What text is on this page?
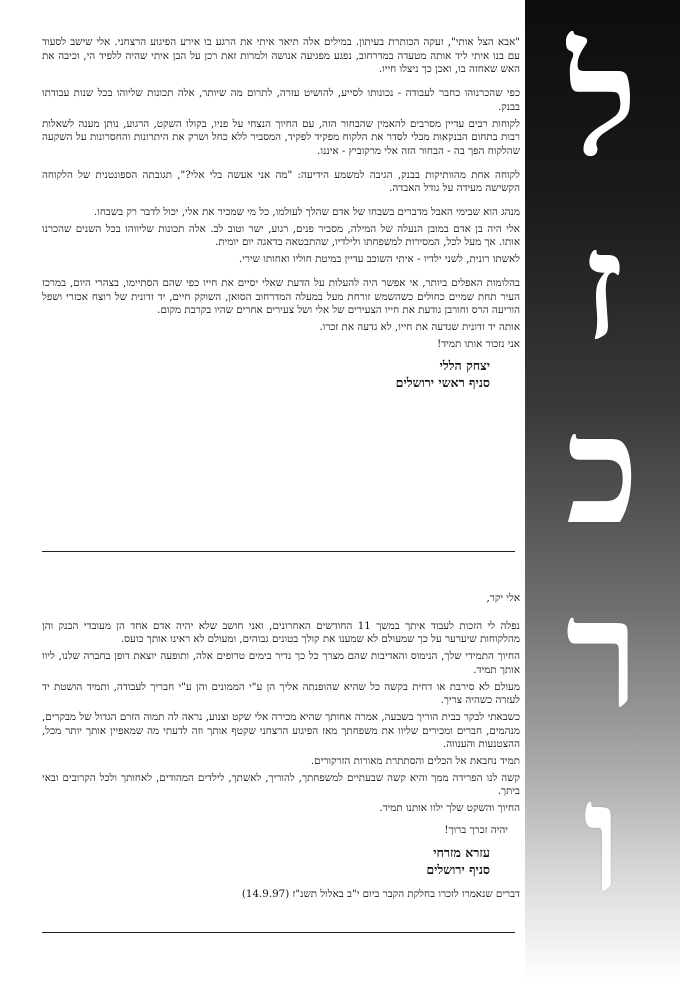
ל
ז
כ
ר
ו

"אבא הצל אותי", זעקה הכותרת בעיתון. במילים אלה תיאר איתי את הרגע בו אירע הפיגוע הרצחני. אלי שישב לסעוד עם בנו איתי ליד אותה מטעדה במדרחוב, נפגע מפגיעה אנושה ולמרות זאת רכן על הבן איתי שהיה ללפיד הי, וכיבה את האש שאחזה בו, ואכן כך ניצלו חייו.

כפי שהכרנוהו כחבר לעבודה - נכונותו לסייע, להושיט עזרה, לתרום מה שיותר, אלה תכונות שליוהו בכל שנות עבודתו בבנק.

לקוחות רבים עדיין מסרבים להאמין שהבחור הזה, עם החיוך הנצחי על פניו, בקולו השקט, הרגוע, נותן מענה לשאלות רבות בתחום הבנקאות מבלי לסדר את הלקוח מפקיד לפקיד, המסביר ללא כחל ושרק את היתרונות והחסרונות על השקעה שהלקוח הפך בה - הבחור הזה אלי מרקוביץ - איננו.

לקוחה אחת מהוותיקות בבנק, הגיבה למשמע הידיעה: "מה אני אעשה בלי אלי?", תגובתה הספונטנית של הלקוחה הקשישה מעידה על גודל האבדה.

מנהג הוא שבימי האבל מדברים בשבחו של אדם שהלך לעולמו, כל מי שמכיר את אלי, יכול לדבר רק בשבחו.

אלי היה בן אדם במובן הנעלה של המילה, מסביר פנים, רגוע, ישר וטוב לב. אלה תכונות שליווהו בכל השנים שהכרנו אותו. אך מעל לכל, המסירות למשפחתו ולילדיו, שהתבטאה בדאגה יום יומית.

לאשתו רונית, לשני ילדיו - איתי השוכב עדיין במיטת חוליו ואחותו שירי.

בהלומות האפלים ביותר, אי אפשר היה להעלות על הדעת שאלי יסיים את חייו כפי שהם הסתיימו, בצהרי היום, במרכז העיר תחת שמיים כחולים כשהשמש זורחת מעל במעלה המדרחוב הסואן, השוקק חיים, יד זדונית של רוצח אכזרי ושפל הוריעה הרס וחורבן גודעת את חייו הצעירים של אלי ושל צעירים אחרים שהיו בקרבת מקום.

אותה יד זדונית שגדעה את חייו, לא גדעה את זכרו.

אני נזכור אותו תמיד!

יצחק הללי
סניף ראשי ירושלים

אלי יקר,

נפלה לי הזכות לעבוד איתך במשך 11 החודשים האחרונים, ואני חושב שלא יהיה אדם אחד הן מעובדי הבנק והן מהלקוחות שיערער על כך שמעולם לא שמענו את קולך בטונים גבוהים, ומעולם לא ראינו אותך כועס.

החיוך התמידי שלך, הנימוס והאדיבות שהם מצרך כל כך נדיר בימים טרופים אלה, ותופעה יוצאת דופן בחברה שלנו, ליוו אותך תמיד.

מעולם לא סירבת או דחית בקשה כל שהיא שהופנתה אליך הן ע"י הממונים והן ע"י חבריך לעבודה, ותמיד הושטת יד לעזרה כשהיה צריך.

כשבאתי לבקר בבית הוריך בשבעה, אמרה אחותך שהיא מכירה אלי שקט וצנוע, נראה לה תמוה הזרם הגדול של מבקרים, מנהמים, חברים ומכירים שליוו את משפחתך מאז הפיגוע הרצחני שקטף אותך וזה לדעתי מה שמאפיין אותך יותר מכל, ההצטנעות והענווה.

תמיד נחבאת אל הכלים והסתתרת מאורות הזרקורים.

קשה לנו הפרידה ממך והיא קשה שבעתיים למשפחתך, להוריך, לאשתך, לילדים המהודים, לאחותך ולכל הקרובים ובאי ביתך.

החיוך והשקט שלך ילוו אותנו תמיד.

יהיה זכרך ברוך!
עזרא מזרחי
סניף ירושלים
דברים שנאמרו לזכרו בחלקת הקבר ביום י"ב באלול תשנ"ז (14.9.97)
